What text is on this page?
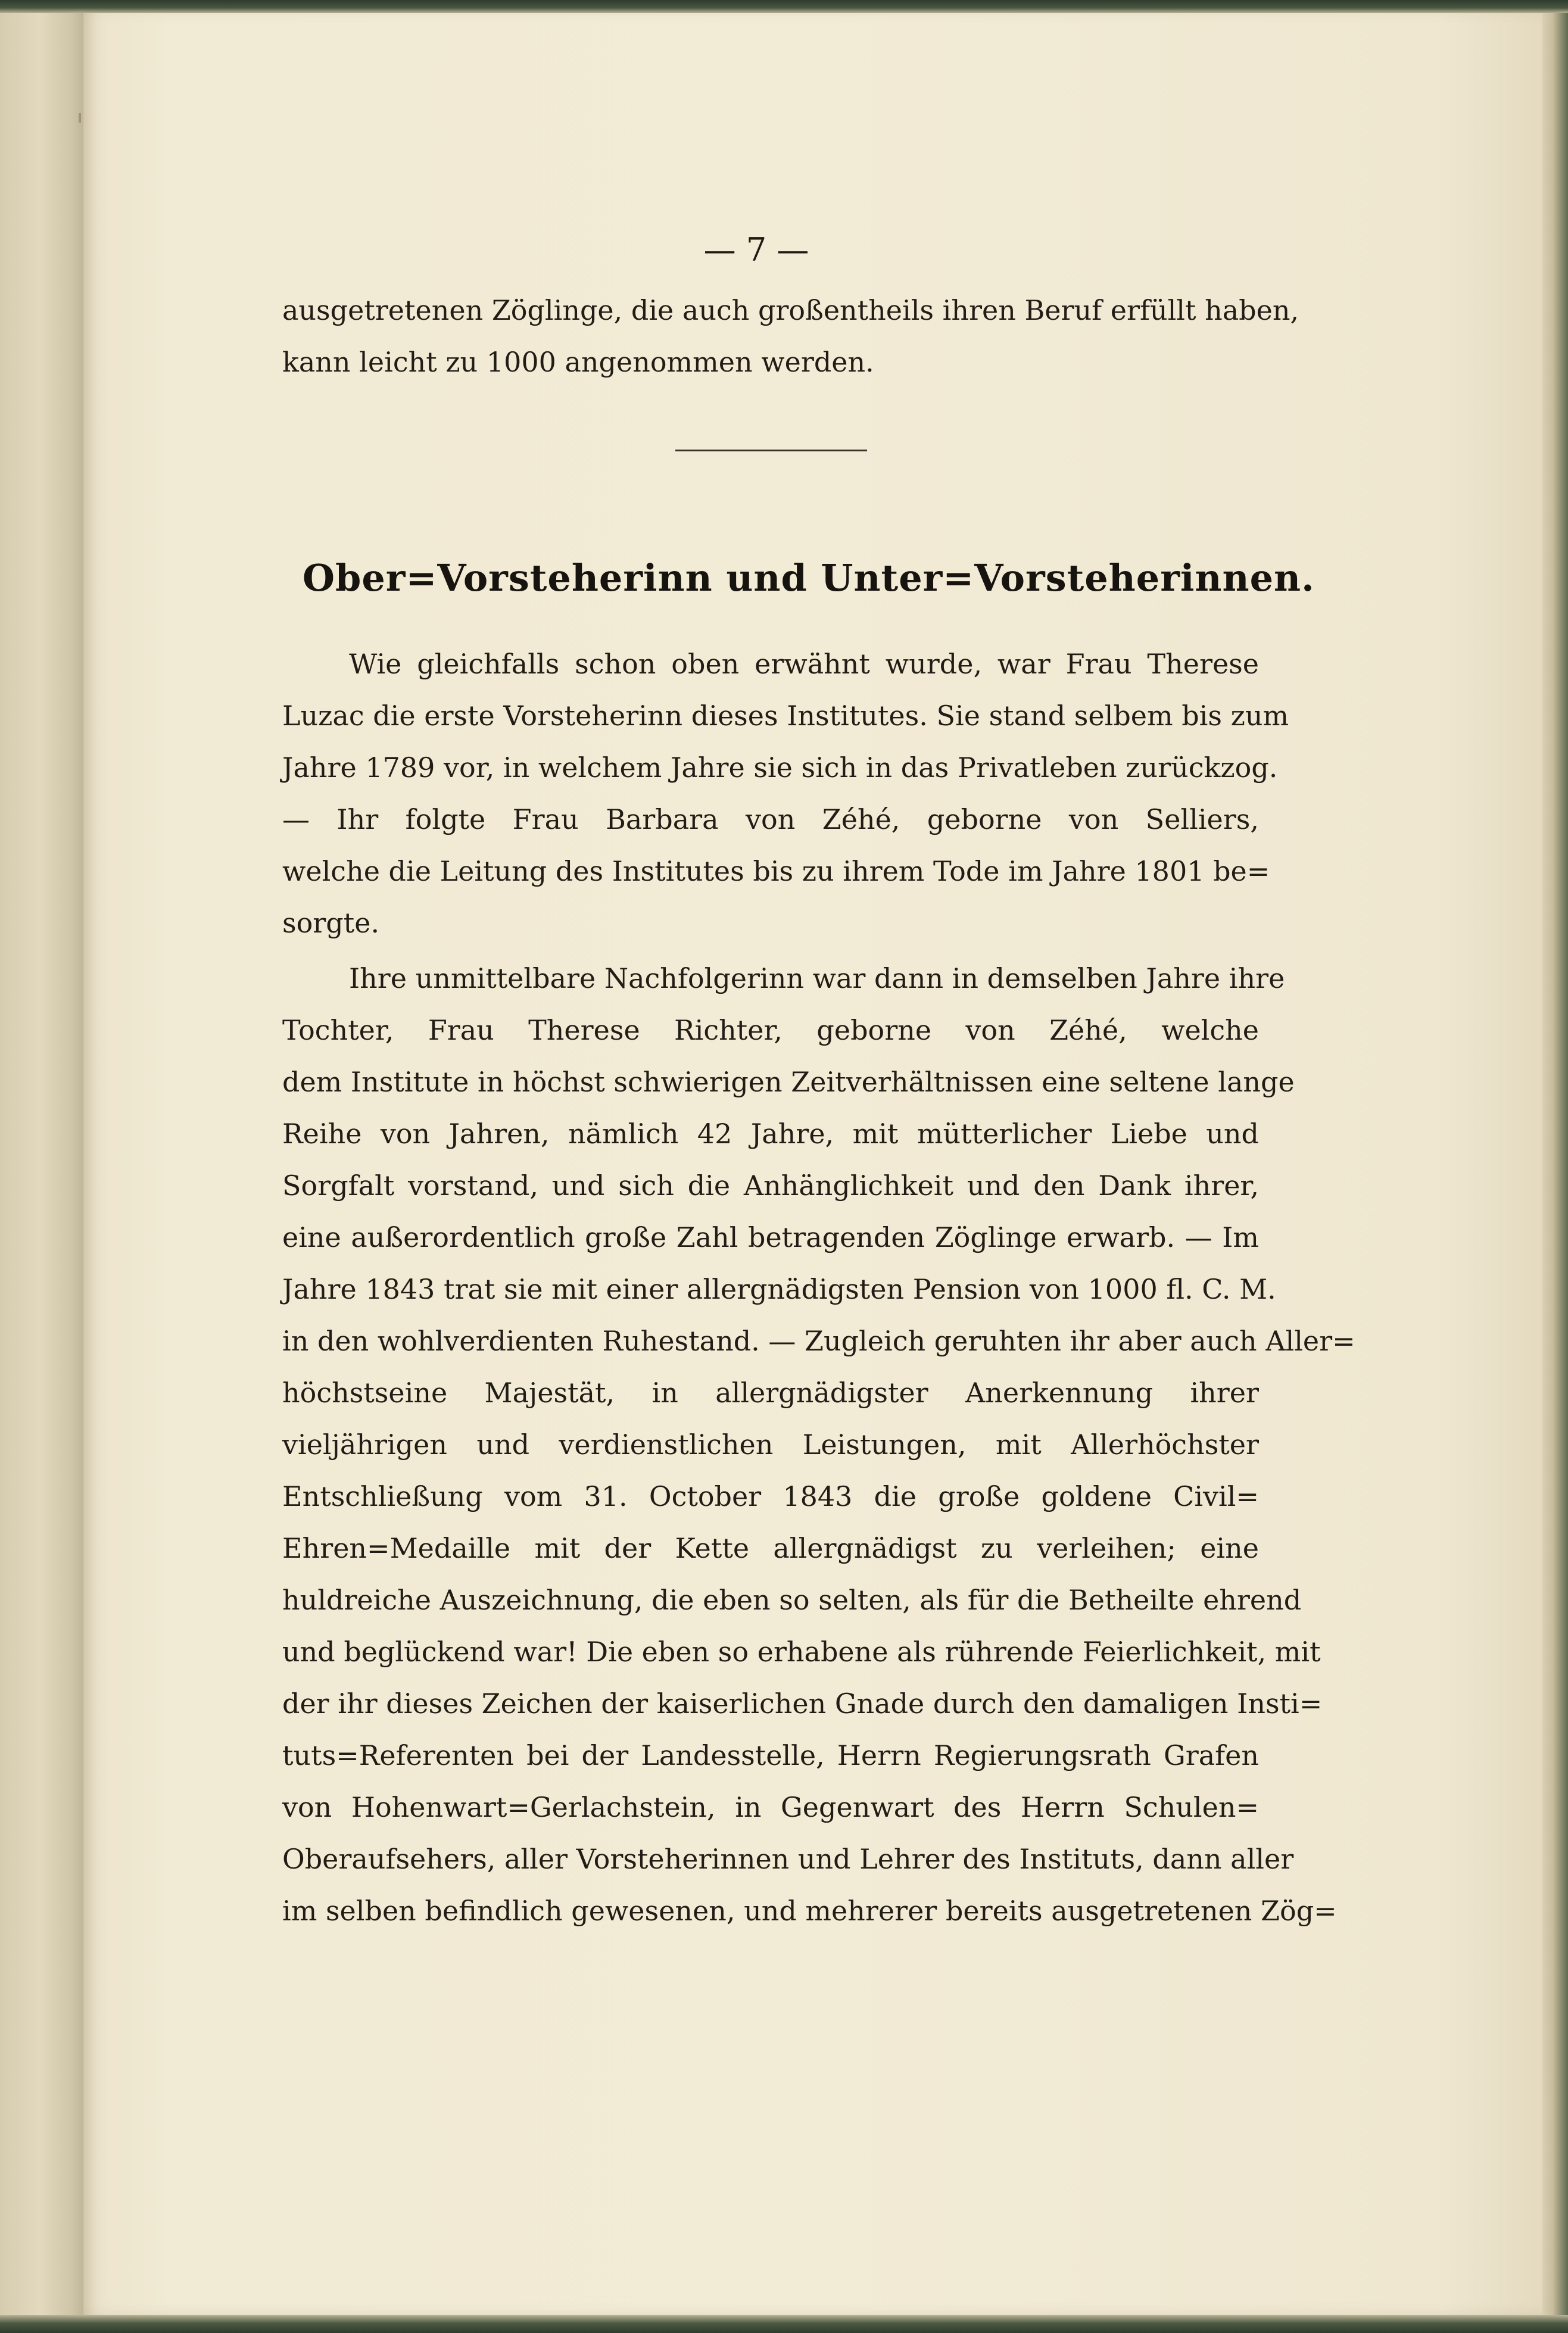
— 7 —
ausgetretenen Zöglinge, die auch großentheils ihren Beruf erfüllt haben,
kann leicht zu 1000 angenommen werden.
Ober=Vorsteherinn und Unter=Vorsteherinnen.
Wie gleichfalls schon oben erwähnt wurde, war Frau Therese
Luzac die erste Vorsteherinn dieses Institutes. Sie stand selbem bis zum
Jahre 1789 vor, in welchem Jahre sie sich in das Privatleben zurückzog.
— Ihr folgte Frau Barbara von Zéhé, geborne von Selliers,
welche die Leitung des Institutes bis zu ihrem Tode im Jahre 1801 be=
sorgte.
Ihre unmittelbare Nachfolgerinn war dann in demselben Jahre ihre
Tochter, Frau Therese Richter, geborne von Zéhé, welche
dem Institute in höchst schwierigen Zeitverhältnissen eine seltene lange
Reihe von Jahren, nämlich 42 Jahre, mit mütterlicher Liebe und
Sorgfalt vorstand, und sich die Anhänglichkeit und den Dank ihrer,
eine außerordentlich große Zahl betragenden Zöglinge erwarb. — Im
Jahre 1843 trat sie mit einer allergnädigsten Pension von 1000 fl. C. M.
in den wohlverdienten Ruhestand. — Zugleich geruhten ihr aber auch Aller=
höchstseine Majestät, in allergnädigster Anerkennung ihrer
vieljährigen und verdienstlichen Leistungen, mit Allerhöchster
Entschließung vom 31. October 1843 die große goldene Civil=
Ehren=Medaille mit der Kette allergnädigst zu verleihen; eine
huldreiche Auszeichnung, die eben so selten, als für die Betheilte ehrend
und beglückend war! Die eben so erhabene als rührende Feierlichkeit, mit
der ihr dieses Zeichen der kaiserlichen Gnade durch den damaligen Insti=
tuts=Referenten bei der Landesstelle, Herrn Regierungsrath Grafen
von Hohenwart=Gerlachstein, in Gegenwart des Herrn Schulen=
Oberaufsehers, aller Vorsteherinnen und Lehrer des Instituts, dann aller
im selben befindlich gewesenen, und mehrerer bereits ausgetretenen Zög=
